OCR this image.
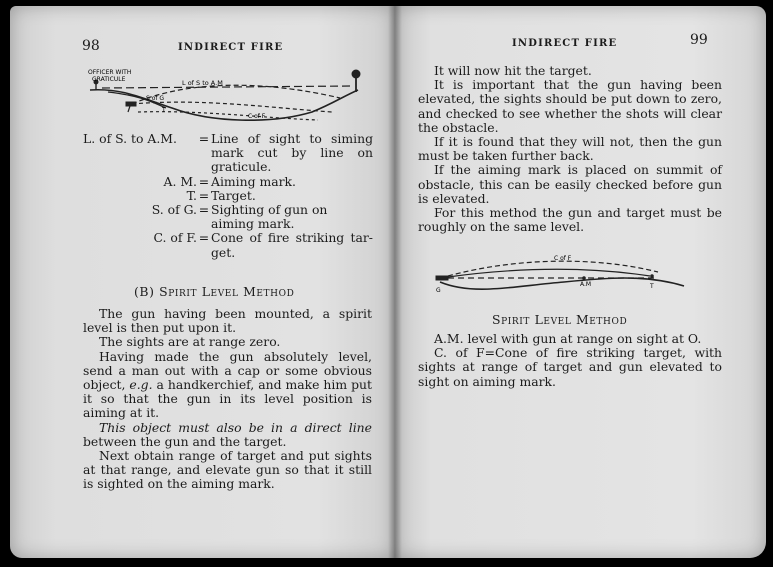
98	INDIRECT FIRE
OFFICER WITH
GRATICULE	L of S to A.M
S of G
T
C of F
L. of S. to A.M.	= Line of sight to siming mark cut by line on graticule.
A. M. = Aiming mark.
T. = Target.
S. of G. = Sighting of gun on aiming mark.
C. of F. = Cone of fire striking tar-get.
(B) Spirit Level Method

The gun having been mounted, a spirit level is then put upon it.

The sights are at range zero.

Having made the gun absolutely level, send a man out with a cap or some obvious object, e.g. a handkerchief, and make him put it so that the gun in its level position is aiming at it.

This object must also be in a direct line between the gun and the target.

Next obtain range of target and put sights at that range, and elevate gun so that it still is sighted on the aiming mark.

INDIRECT FIRE	99

It will now hit the target.

It is important that the gun having been elevated, the sights should be put down to zero, and checked to see whether the shots will clear the obstacle.

If it is found that they will not, then the gun must be taken further back.

If the aiming mark is placed on summit of obstacle, this can be easily checked before gun is elevated.

For this method the gun and target must be roughly on the same level.

C of F
A.M	T
G
Spirit Level Method

A.M. level with gun at range on sight at O.

C. of F=Cone of fire striking target, with sights at range of target and gun elevated to sight on aiming mark.
